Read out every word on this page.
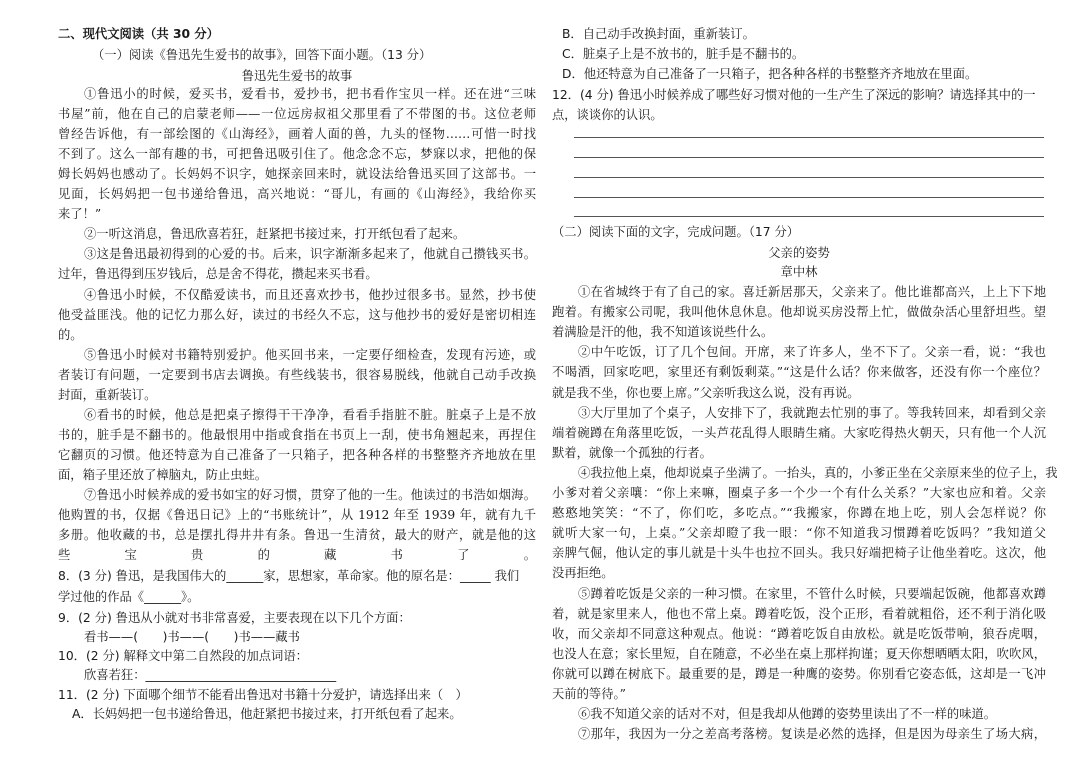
二、现代文阅读（共 30 分）
（一）阅读《鲁迅先生爱书的故事》，回答下面小题。（13 分）
鲁迅先生爱书的故事
①鲁迅小的时候，爱买书，爱看书，爱抄书，把书看作宝贝一样。还在进“三味
书屋”前，他在自己的启蒙老师——一位远房叔祖父那里看了不带图的书。这位老师
曾经告诉他，有一部绘图的《山海经》，画着人面的兽，九头的怪物……可惜一时找
不到了。这么一部有趣的书，可把鲁迅吸引住了。他念念不忘，梦寐以求，把他的保
姆长妈妈也感动了。长妈妈不识字，她探亲回来时，就设法给鲁迅买回了这部书。一
见面，长妈妈把一包书递给鲁迅，高兴地说：“哥儿，有画的《山海经》，我给你买
来了！”
②一听这消息，鲁迅欣喜若狂，赶紧把书接过来，打开纸包看了起来。
③这是鲁迅最初得到的心爱的书。后来，识字渐渐多起来了，他就自己攒钱买书。
过年，鲁迅得到压岁钱后，总是舍不得花，攒起来买书看。
④鲁迅小时候，不仅酷爱读书，而且还喜欢抄书，他抄过很多书。显然，抄书使
他受益匪浅。他的记忆力那么好，读过的书经久不忘，这与他抄书的爱好是密切相连
的。
⑤鲁迅小时候对书籍特别爱护。他买回书来，一定要仔细检查，发现有污迹，或
者装订有问题，一定要到书店去调换。有些线装书，很容易脱线，他就自己动手改换
封面，重新装订。
⑥看书的时候，他总是把桌子擦得干干净净，看看手指脏不脏。脏桌子上是不放
书的，脏手是不翻书的。他最恨用中指或食指在书页上一刮，使书角翘起来，再捏住
它翻页的习惯。他还特意为自己准备了一只箱子，把各种各样的书整整齐齐地放在里
面，箱子里还放了樟脑丸，防止虫蛀。
⑦鲁迅小时候养成的爱书如宝的好习惯，贯穿了他的一生。他读过的书浩如烟海。
他购置的书，仅据《鲁迅日记》上的“书账统计”，从 1912 年至 1939 年，就有九千
多册。他收藏的书，总是摆扎得井井有条。鲁迅一生清贫，最大的财产，就是他的这
些宝贵的藏书了。
8．(3 分) 鲁迅，是我国伟大的______家，思想家，革命家。他的原名是：_____ 我们
学过他的作品《______》。
9．(2 分) 鲁迅从小就对书非常喜爱，主要表现在以下几个方面：
看书——(　　)书——(　　)书——藏书
10．(2 分) 解释文中第二自然段的加点词语：
欣喜若狂：_______________________________
11．(2 分) 下面哪个细节不能看出鲁迅对书籍十分爱护，请选择出来（　）
A．长妈妈把一包书递给鲁迅，他赶紧把书接过来，打开纸包看了起来。
B．自己动手改换封面，重新装订。
C．脏桌子上是不放书的，脏手是不翻书的。
D．他还特意为自己准备了一只箱子，把各种各样的书整整齐齐地放在里面。
12．(4 分) 鲁迅小时候养成了哪些好习惯对他的一生产生了深远的影响？请选择其中的一
点，谈谈你的认识。
（二）阅读下面的文字，完成问题。（17 分）
父亲的姿势
章中林
①在省城终于有了自己的家。喜迁新居那天，父亲来了。他比谁都高兴，上上下下地
跑着。有搬家公司呢，我叫他休息休息。他却说买房没帮上忙，做做杂活心里舒坦些。望
着满脸是汗的他，我不知道该说些什么。
②中午吃饭，订了几个包间。开席，来了许多人，坐不下了。父亲一看，说：“我也
不喝酒，回家吃吧，家里还有剩饭剩菜。”“这是什么话？你来做客，还没有你一个座位？
就是我不坐，你也要上席。”父亲听我这么说，没有再说。
③大厅里加了个桌子，人安排下了，我就跑去忙别的事了。等我转回来，却看到父亲
端着碗蹲在角落里吃饭，一头芦花乱得人眼睛生痛。大家吃得热火朝天，只有他一个人沉
默着，就像一个孤独的行者。
④我拉他上桌，他却说桌子坐满了。一抬头，真的，小爹正坐在父亲原来坐的位子上，我
小爹对着父亲嚷：“你上来嘛，圈桌子多一个少一个有什么关系？”大家也应和着。父亲
憨憨地笑笑：“不了，你们吃，多吃点。”“我搬家，你蹲在地上吃，别人会怎样说？你
就听大家一句，上桌。”父亲却瞪了我一眼：“你不知道我习惯蹲着吃饭吗？”我知道父
亲脾气倔，他认定的事儿就是十头牛也拉不回头。我只好端把椅子让他坐着吃。这次，他
没再拒绝。
⑤蹲着吃饭是父亲的一种习惯。在家里，不管什么时候，只要端起饭碗，他都喜欢蹲
着，就是家里来人，他也不常上桌。蹲着吃饭，没个正形，看着就粗俗，还不利于消化吸
收，而父亲却不同意这种观点。他说：“蹲着吃饭自由放松。就是吃饭带响，狼吞虎咽，
也没人在意；家长里短，自在随意，不必坐在桌上那样拘谨；夏天你想晒晒太阳，吹吹风，
你就可以蹲在树底下。最重要的是，蹲是一种鹰的姿势。你别看它姿态低，这却是一飞冲
天前的等待。”
⑥我不知道父亲的话对不对，但是我却从他蹲的姿势里读出了不一样的味道。
⑦那年，我因为一分之差高考落榜。复读是必然的选择，但是因为母亲生了场大病，
